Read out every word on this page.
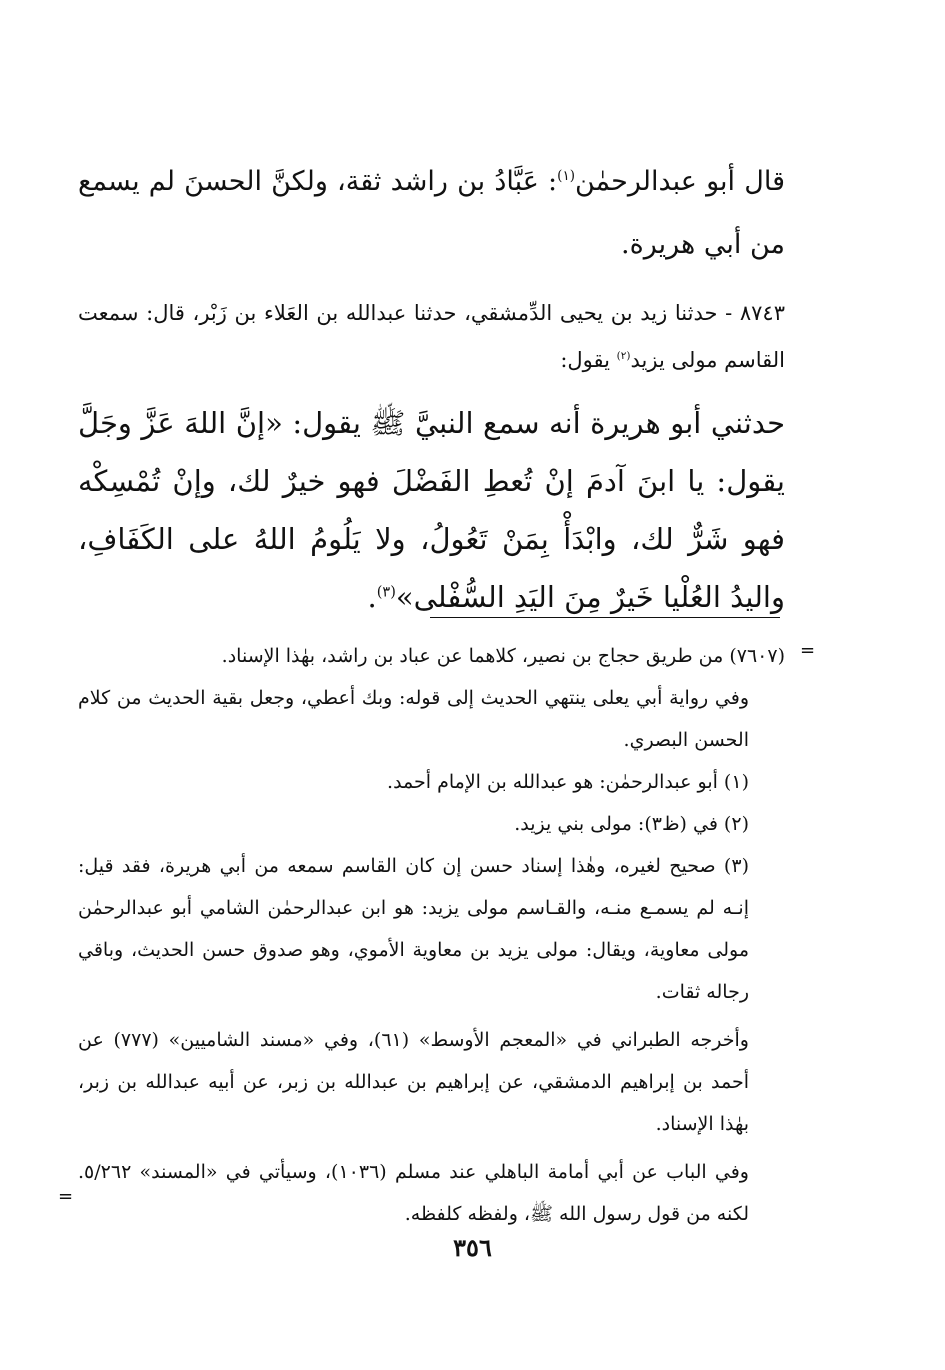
قال أبو عبدالرحمٰن$^{(١)}$: عَبَّادُ بن راشد ثقة، ولكنَّ الحسنَ لم يسمع من أبي هريرة.

٨٧٤٣ - حدثنا زيد بن يحيى الدِّمشقي، حدثنا عبدالله بن العَلاء بن زَبْر، قال: سمعت القاسم مولى يزيد$^{(٢)}$ يقول:

حدثني أبو هريرة أنه سمع النبيَّ ﷺ يقول: «إنَّ اللهَ عَزَّ وجَلَّ يقول: يا ابنَ آدمَ إنْ تُعطِ الفَضْلَ فهو خيرٌ لك، وإنْ تُمْسِكْه فهو شَرٌّ لك، وابْدَأْ بِمَنْ تَعُولُ، ولا يَلُومُ اللهُ على الكَفَافِ، واليدُ العُلْيا خَيرٌ مِنَ اليَدِ السُّفْلى»$^{(٣)}$.

=

(٧٦٠٧) من طريق حجاج بن نصير، كلاهما عن عباد بن راشد، بهٰذا الإسناد.

وفي رواية أبي يعلى ينتهي الحديث إلى قوله: وبك أعطي، وجعل بقية الحديث من كلام الحسن البصري.

(١) أبو عبدالرحمٰن: هو عبدالله بن الإمام أحمد.

(٢) في (ظ٣): مولى بني يزيد.

(٣) صحيح لغيره، وهٰذا إسناد حسن إن كان القاسم سمعه من أبي هريرة، فقد قيل: إنـه لم يسمـع منـه، والقـاسم مولى يزيد: هو ابن عبدالرحمٰن الشامي أبو عبدالرحمٰن مولى معاوية، ويقال: مولى يزيد بن معاوية الأموي، وهو صدوق حسن الحديث، وباقي رجاله ثقات.

وأخرجه الطبراني في «المعجم الأوسط» (٦١)، وفي «مسند الشاميين» (٧٧٧) عن أحمد بن إبراهيم الدمشقي، عن إبراهيم بن عبدالله بن زبر، عن أبيه عبدالله بن زبر، بهٰذا الإسناد.

وفي الباب عن أبي أمامة الباهلي عند مسلم (١٠٣٦)، وسيأتي في «المسند» ٥/٢٦٢. لكنه من قول رسول الله ﷺ، ولفظه كلفظه.

=
٣٥٦
